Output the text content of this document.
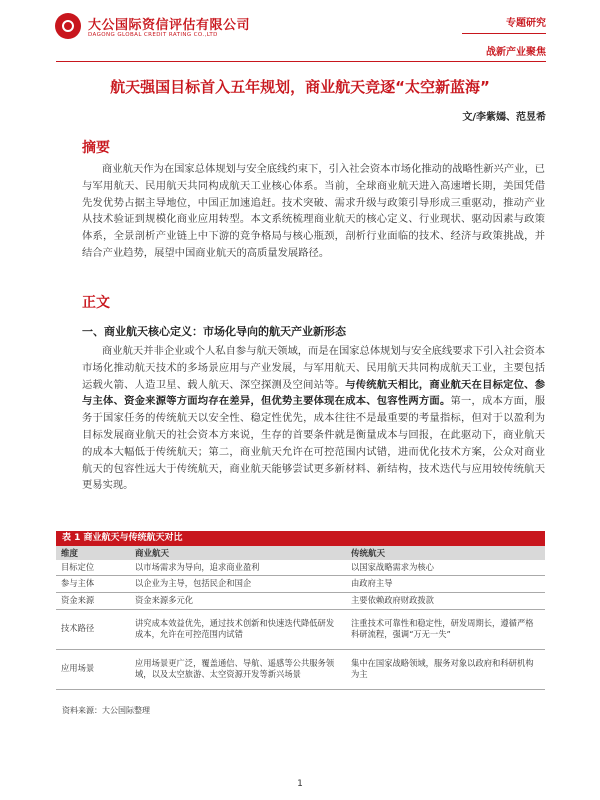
大公国际资信评估有限公司
DAGONG GLOBAL CREDIT RATING CO.,LTD
专题研究
战新产业聚焦
航天强国目标首入五年规划，商业航天竞逐“太空新蓝海”
文/李紫嫣、范昱希
摘要
商业航天作为在国家总体规划与安全底线约束下，引入社会资本市场化推动的战略性新兴产业，已与军用航天、民用航天共同构成航天工业核心体系。当前，全球商业航天进入高速增长期，美国凭借先发优势占据主导地位，中国正加速追赶。技术突破、需求升级与政策引导形成三重驱动，推动产业从技术验证到规模化商业应用转型。本文系统梳理商业航天的核心定义、行业现状、驱动因素与政策体系，全景剖析产业链上中下游的竞争格局与核心瓶颈，剖析行业面临的技术、经济与政策挑战，并结合产业趋势，展望中国商业航天的高质量发展路径。
正文
一、商业航天核心定义：市场化导向的航天产业新形态
商业航天并非企业或个人私自参与航天领域，而是在国家总体规划与安全底线要求下引入社会资本市场化推动航天技术的多场景应用与产业发展，与军用航天、民用航天共同构成航天工业，主要包括运载火箭、人造卫星、载人航天、深空探测及空间站等。与传统航天相比，商业航天在目标定位、参与主体、资金来源等方面均存在差异，但优势主要体现在成本、包容性两方面。第一，成本方面，服务于国家任务的传统航天以安全性、稳定性优先，成本往往不是最重要的考量指标，但对于以盈利为目标发展商业航天的社会资本方来说，生存的首要条件就是衡量成本与回报，在此驱动下，商业航天的成本大幅低于传统航天；第二，商业航天允许在可控范围内试错，进而优化技术方案，公众对商业航天的包容性远大于传统航天，商业航天能够尝试更多新材料、新结构，技术迭代与应用较传统航天更易实现。
表 1 商业航天与传统航天对比
维度	商业航天	传统航天
目标定位	以市场需求为导向，追求商业盈利	以国家战略需求为核心
参与主体	以企业为主导，包括民企和国企	由政府主导
资金来源	资金来源多元化	主要依赖政府财政拨款
技术路径	讲究成本效益优先，通过技术创新和快速迭代降低研发成本，允许在可控范围内试错	注重技术可靠性和稳定性，研发周期长，遵循严格科研流程，强调“万无一失”
应用场景	应用场景更广泛，覆盖通信、导航、遥感等公共服务领域，以及太空旅游、太空资源开发等新兴场景	集中在国家战略领域，服务对象以政府和科研机构为主
资料来源：大公国际整理
1
